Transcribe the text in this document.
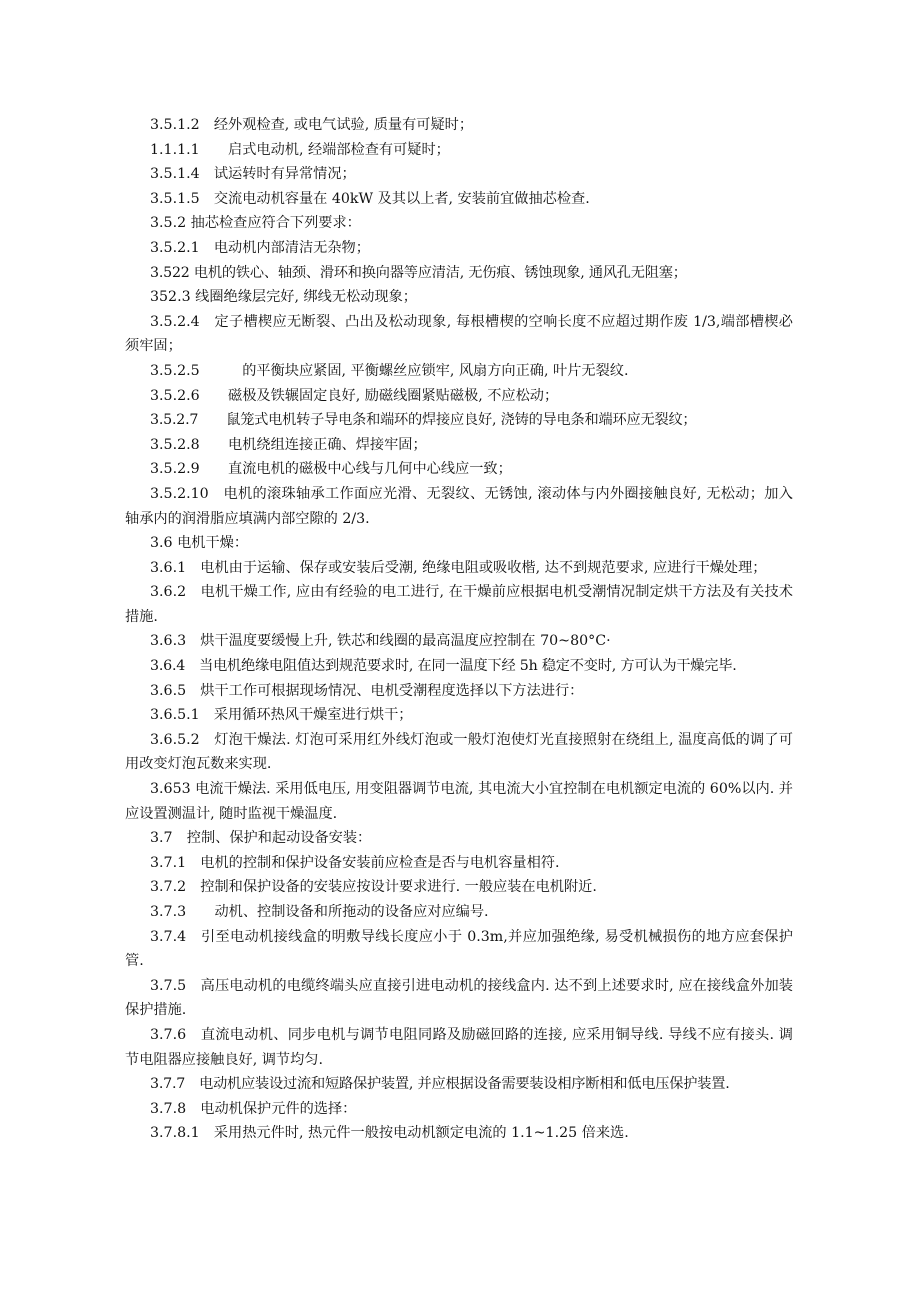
3.5.1.2　经外观检查, 或电气试验, 质量有可疑时；

1.1.1.1　　启式电动机, 经端部检查有可疑时；

3.5.1.4　试运转时有异常情况；

3.5.1.5　交流电动机容量在 40kW 及其以上者, 安装前宜做抽芯检查.

3.5.2 抽芯检查应符合下列要求：

3.5.2.1　电动机内部清洁无杂物；

3.522 电机的铁心、轴颈、滑环和换向器等应清洁, 无伤痕、锈蚀现象, 通风孔无阻塞；

352.3 线圈绝缘层完好, 绑线无松动现象；

3.5.2.4　定子槽楔应无断裂、凸出及松动现象, 每根槽楔的空响长度不应超过期作废 1/3,端部槽楔必须牢固；

3.5.2.5　　　的平衡块应紧固, 平衡螺丝应锁牢, 风扇方向正确, 叶片无裂纹.

3.5.2.6　　磁极及铁辗固定良好, 励磁线圈紧贴磁极, 不应松动；

3.5.2.7　　鼠笼式电机转子导电条和端环的焊接应良好, 浇铸的导电条和端环应无裂纹；

3.5.2.8　　电机绕组连接正确、焊接牢固；

3.5.2.9　　直流电机的磁极中心线与几何中心线应一致；

3.5.2.10　电机的滚珠轴承工作面应光滑、无裂纹、无锈蚀, 滚动体与内外圈接触良好, 无松动；加入轴承内的润滑脂应填满内部空隙的 2/3.

3.6 电机干燥：

3.6.1　电机由于运输、保存或安装后受潮, 绝缘电阻或吸收楷, 达不到规范要求, 应进行干燥处理；

3.6.2　电机干燥工作, 应由有经验的电工进行, 在干燥前应根据电机受潮情况制定烘干方法及有关技术措施.

3.6.3　烘干温度要缓慢上升, 铁芯和线圈的最高温度应控制在 70~80°C·

3.6.4　当电机绝缘电阻值达到规范要求时, 在同一温度下经 5h 稳定不变时, 方可认为干燥完毕.

3.6.5　烘干工作可根据现场情况、电机受潮程度选择以下方法进行：

3.6.5.1　采用循环热风干燥室进行烘干；

3.6.5.2　灯泡干燥法. 灯泡可采用红外线灯泡或一般灯泡使灯光直接照射在绕组上, 温度高低的调了可用改变灯泡瓦数来实现.

3.653 电流干燥法. 采用低电压, 用变阻器调节电流, 其电流大小宜控制在电机额定电流的 60%以内. 并应设置测温计, 随时监视干燥温度.

3.7　控制、保护和起动设备安装：

3.7.1　电机的控制和保护设备安装前应检查是否与电机容量相符.

3.7.2　控制和保护设备的安装应按设计要求进行. 一般应装在电机附近.

3.7.3　　动机、控制设备和所拖动的设备应对应编号.

3.7.4　引至电动机接线盒的明敷导线长度应小于 0.3m,并应加强绝缘, 易受机械损伤的地方应套保护管.

3.7.5　高压电动机的电缆终端头应直接引进电动机的接线盒内. 达不到上述要求时, 应在接线盒外加装保护措施.

3.7.6　直流电动机、同步电机与调节电阻同路及励磁回路的连接, 应采用铜导线. 导线不应有接头. 调节电阻器应接触良好, 调节均匀.

3.7.7　电动机应装设过流和短路保护装置, 并应根据设备需要装设相序断相和低电压保护装置.

3.7.8　电动机保护元件的选择：

3.7.8.1　采用热元件时, 热元件一般按电动机额定电流的 1.1~1.25 倍来选.
